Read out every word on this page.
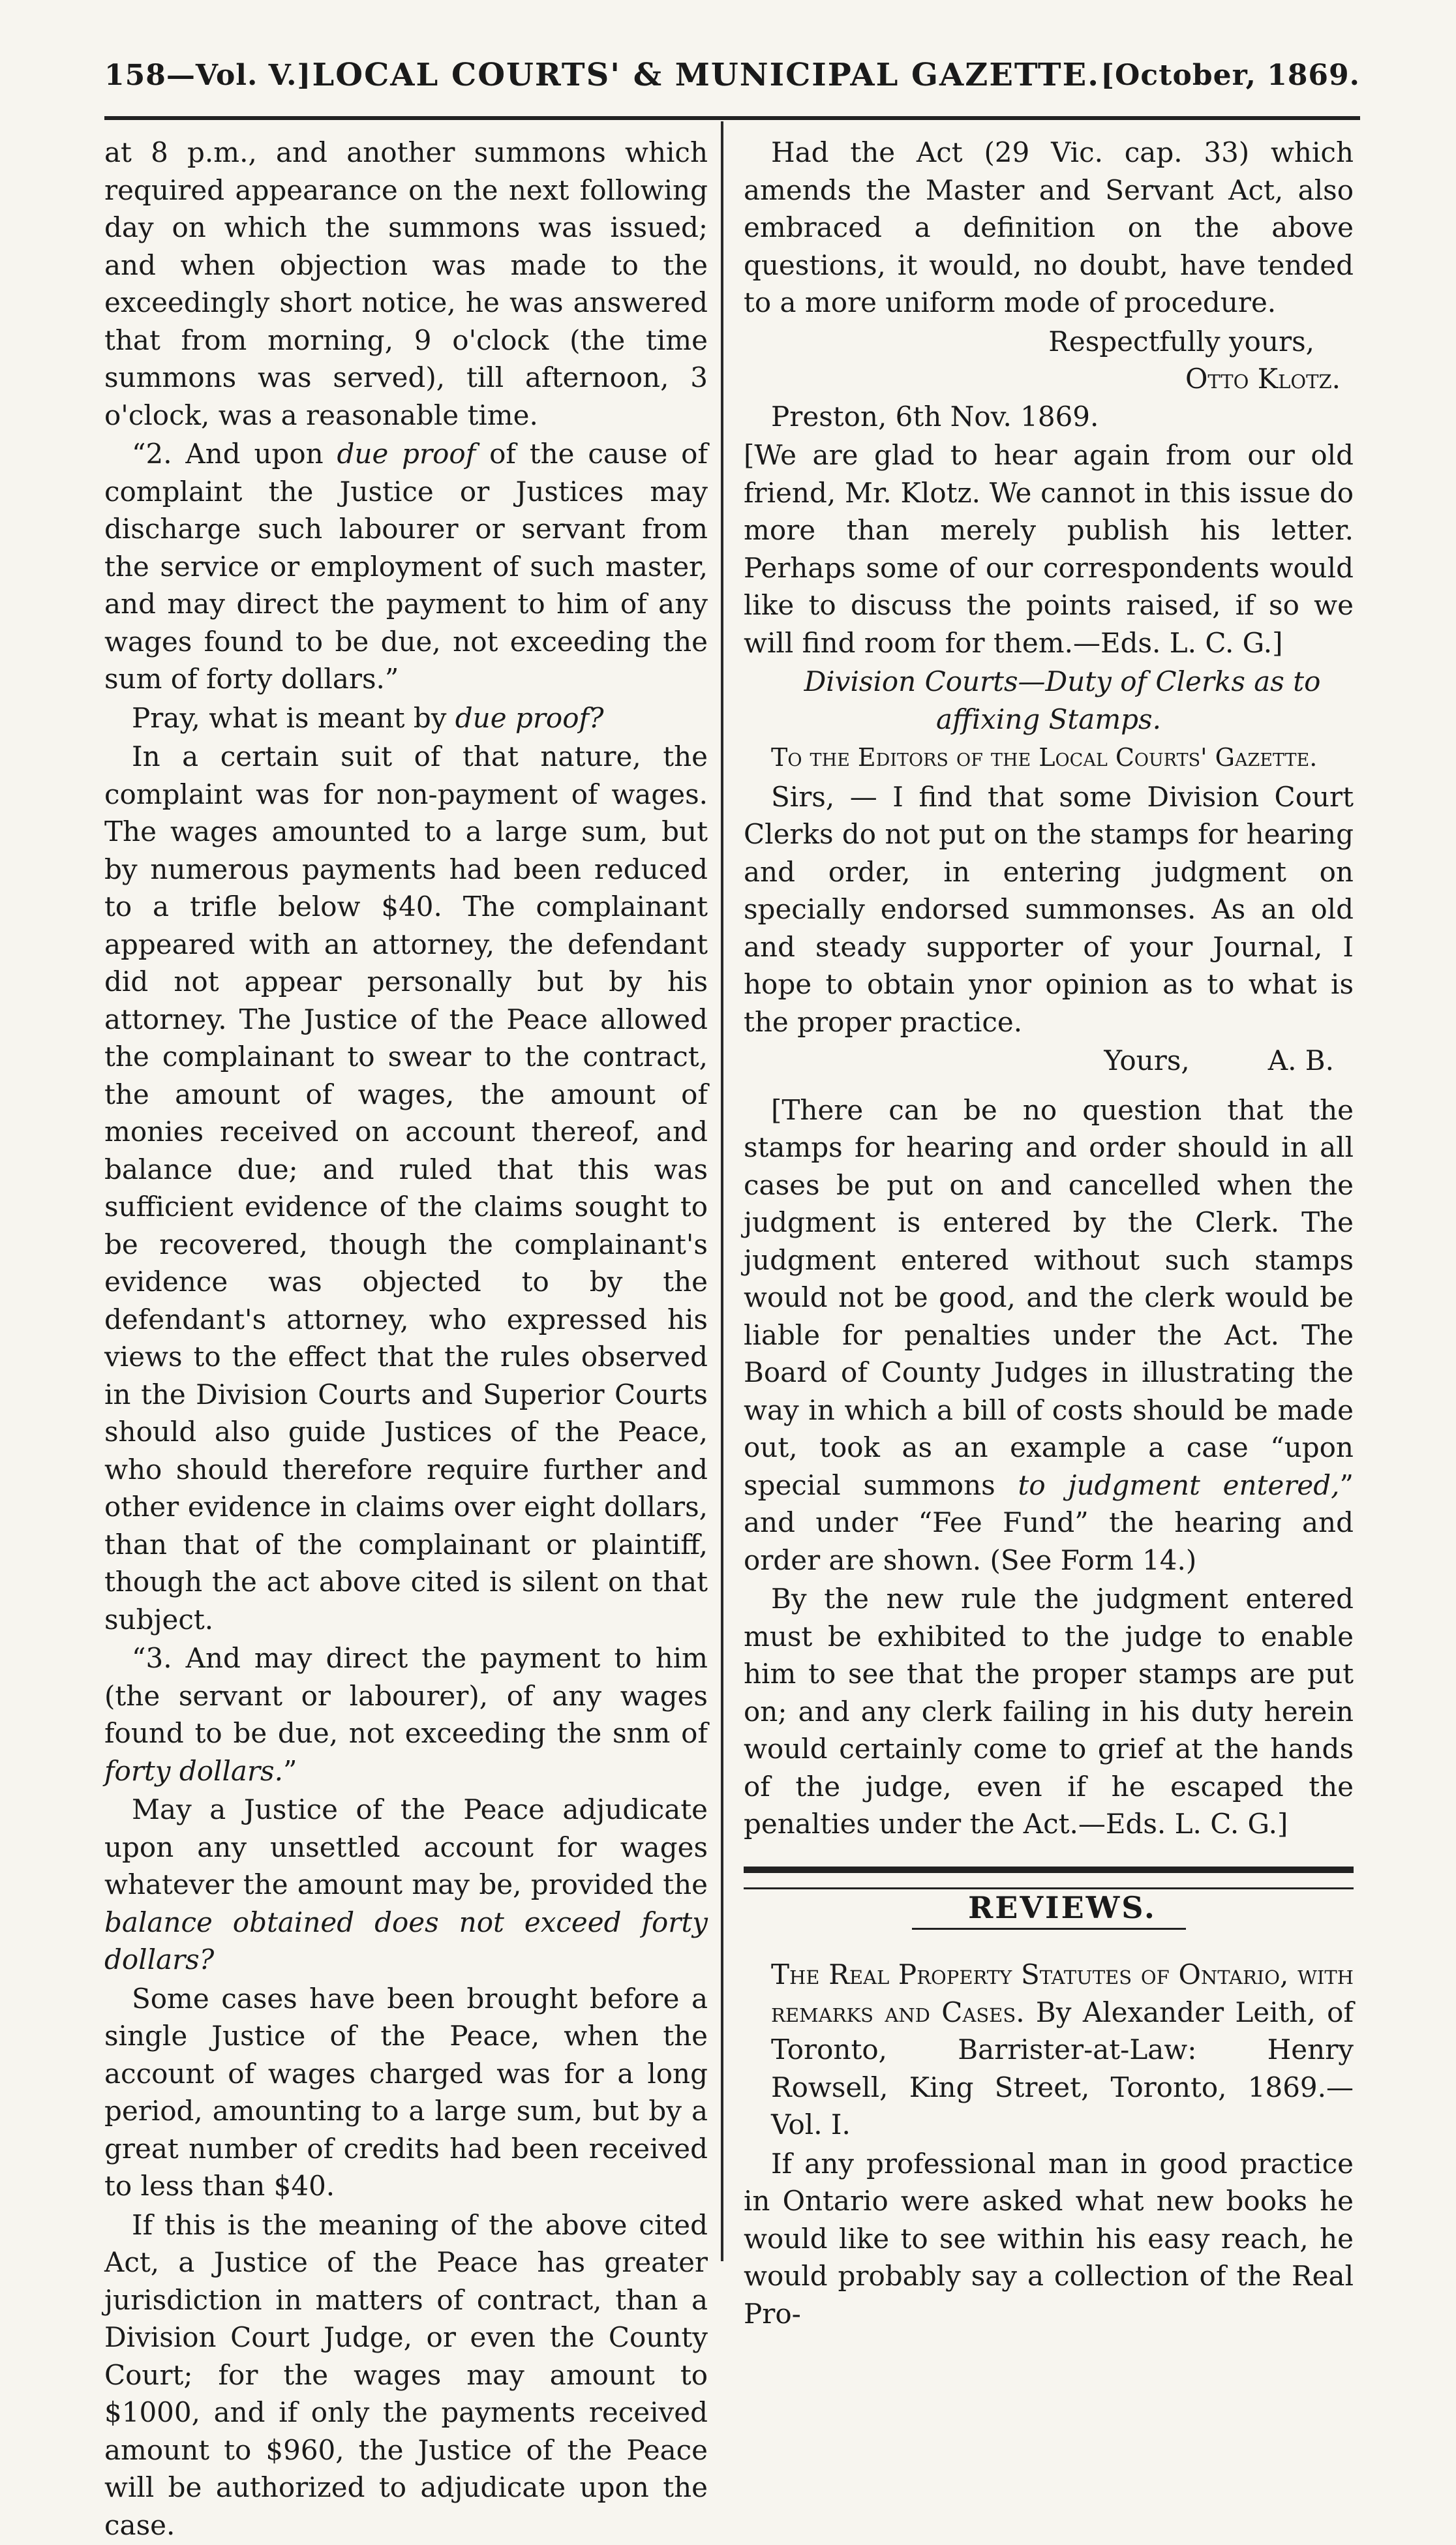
158—Vol. V.] LOCAL COURTS' & MUNICIPAL GAZETTE. [October, 1869.

at 8 p.m., and another summons which required appearance on the next following day on which the summons was issued; and when objection was made to the exceedingly short notice, he was answered that from morning, 9 o'clock (the time summons was served), till afternoon, 3 o'clock, was a reasonable time.

“2. And upon due proof of the cause of complaint the Justice or Justices may discharge such labourer or servant from the service or employment of such master, and may direct the payment to him of any wages found to be due, not exceeding the sum of forty dollars.”

Pray, what is meant by due proof?

In a certain suit of that nature, the complaint was for non-payment of wages. The wages amounted to a large sum, but by numerous payments had been reduced to a trifle below $40. The complainant appeared with an attorney, the defendant did not appear personally but by his attorney. The Justice of the Peace allowed the complainant to swear to the contract, the amount of wages, the amount of monies received on account thereof, and balance due; and ruled that this was sufficient evidence of the claims sought to be recovered, though the complainant's evidence was objected to by the defendant's attorney, who expressed his views to the effect that the rules observed in the Division Courts and Superior Courts should also guide Justices of the Peace, who should therefore require further and other evidence in claims over eight dollars, than that of the complainant or plaintiff, though the act above cited is silent on that subject.

“3. And may direct the payment to him (the servant or labourer), of any wages found to be due, not exceeding the snm of forty dollars.”

May a Justice of the Peace adjudicate upon any unsettled account for wages whatever the amount may be, provided the balance obtained does not exceed forty dollars?

Some cases have been brought before a single Justice of the Peace, when the account of wages charged was for a long period, amounting to a large sum, but by a great number of credits had been received to less than $40.

If this is the meaning of the above cited Act, a Justice of the Peace has greater jurisdiction in matters of contract, than a Division Court Judge, or even the County Court; for the wages may amount to $1000, and if only the payments received amount to $960, the Justice of the Peace will be authorized to adjudicate upon the case.

Had the Act (29 Vic. cap. 33) which amends the Master and Servant Act, also embraced a definition on the above questions, it would, no doubt, have tended to a more uniform mode of procedure.

Respectfully yours,
Otto Klotz.

Preston, 6th Nov. 1869.

[We are glad to hear again from our old friend, Mr. Klotz. We cannot in this issue do more than merely publish his letter. Perhaps some of our correspondents would like to discuss the points raised, if so we will find room for them.—Eds. L. C. G.]

Division Courts—Duty of Clerks as to affixing Stamps.

To the Editors of the Local Courts' Gazette.

Sirs, — I find that some Division Court Clerks do not put on the stamps for hearing and order, in entering judgment on specially endorsed summonses. As an old and steady supporter of your Journal, I hope to obtain ynor opinion as to what is the proper practice.

Yours,	A. B.

[There can be no question that the stamps for hearing and order should in all cases be put on and cancelled when the judgment is entered by the Clerk. The judgment entered without such stamps would not be good, and the clerk would be liable for penalties under the Act. The Board of County Judges in illustrating the way in which a bill of costs should be made out, took as an example a case “upon special summons to judgment entered,” and under “Fee Fund” the hearing and order are shown. (See Form 14.)

By the new rule the judgment entered must be exhibited to the judge to enable him to see that the proper stamps are put on; and any clerk failing in his duty herein would certainly come to grief at the hands of the judge, even if he escaped the penalties under the Act.—Eds. L. C. G.]

REVIEWS.

The Real Property Statutes of Ontario, with remarks and Cases. By Alexander Leith, of Toronto, Barrister-at-Law: Henry Rowsell, King Street, Toronto, 1869.—Vol. I.

If any professional man in good practice in Ontario were asked what new books he would like to see within his easy reach, he would probably say a collection of the Real Pro-
